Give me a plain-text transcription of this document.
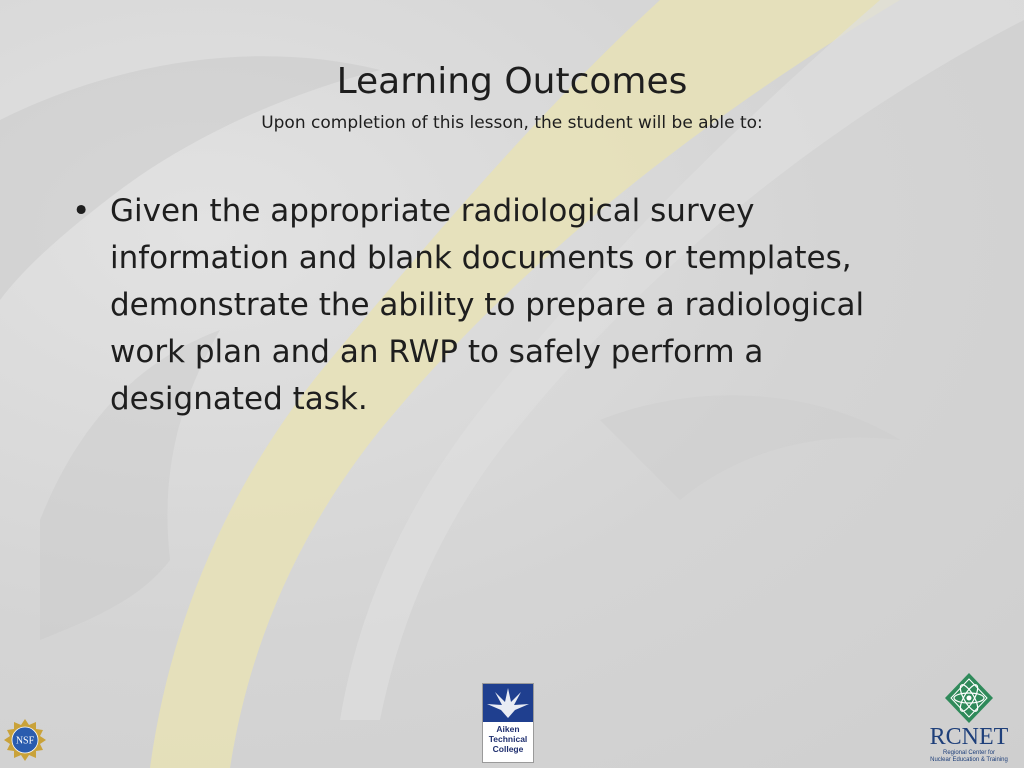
Learning Outcomes
Upon completion of this lesson, the student will be able to:
• Given the appropriate radiological survey information and blank documents or templates, demonstrate the ability to prepare a radiological work plan and an RWP to safely perform a designated task.
NSF
Aiken
Technical
College	RCNET
Regional Center for
Nuclear Education & Training
